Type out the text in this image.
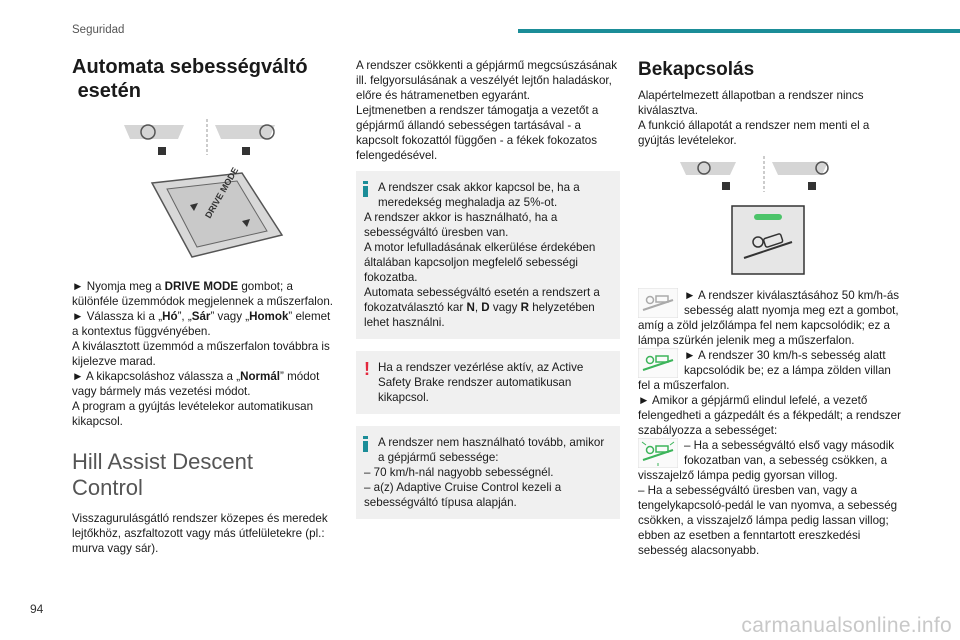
Seguridad
Automata sebességváltó
esetén
DRIVE MODE

► Nyomja meg a DRIVE MODE gombot; a különféle üzemmódok megjelennek a műszerfalon.

► Válassza ki a „Hó”, „Sár” vagy „Homok” elemet a kontextus függvényében.

A kiválasztott üzemmód a műszerfalon továbbra is kijelezve marad.

► A kikapcsoláshoz válassza a „Normál” módot vagy bármely más vezetési módot.

A program a gyújtás levételekor automatikusan kikapcsol.

Hill Assist Descent
Control

Visszagurulásgátló rendszer közepes és meredek lejtőkhöz, aszfaltozott vagy más útfelületekre (pl.: murva vagy sár).

A rendszer csökkenti a gépjármű megcsúszásának ill. felgyorsulásának a veszélyét lejtőn haladáskor, előre és hátramenetben egyaránt.

Lejtmenetben a rendszer támogatja a vezetőt a gépjármű állandó sebességen tartásával - a kapcsolt fokozattól függően - a fékek fokozatos felengedésével.

A rendszer csak akkor kapcsol be, ha a meredekség meghaladja az 5%-ot.

A rendszer akkor is használható, ha a sebességváltó üresben van.

A motor lefulladásának elkerülése érdekében általában kapcsoljon megfelelő sebességi fokozatba.

Automata sebességváltó esetén a rendszert a fokozatválasztó kar N, D vagy R helyzetében lehet használni.

! Ha a rendszer vezérlése aktív, az Active Safety Brake rendszer automatikusan kikapcsol.

A rendszer nem használható tovább, amikor a gépjármű sebessége:

– 70 km/h-nál nagyobb sebességnél.

– a(z) Adaptive Cruise Control kezeli a sebességváltó típusa alapján.

Bekapcsolás

Alapértelmezett állapotban a rendszer nincs kiválasztva.

A funkció állapotát a rendszer nem menti el a gyújtás levételekor.

► A rendszer kiválasztásához 50 km/h-ás sebesség alatt nyomja meg ezt a gombot, amíg a zöld jelzőlámpa fel nem kapcsolódik; ez a lámpa szürkén jelenik meg a műszerfalon.

► A rendszer 30 km/h-s sebesség alatt kapcsolódik be; ez a lámpa zölden villan fel a műszerfalon.

► Amikor a gépjármű elindul lefelé, a vezető felengedheti a gázpedált és a fékpedált; a rendszer szabályozza a sebességet:

– Ha a sebességváltó első vagy második fokozatban van, a sebesség csökken, a visszajelző lámpa pedig gyorsan villog.

– Ha a sebességváltó üresben van, vagy a tengelykapcsoló-pedál le van nyomva, a sebesség csökken, a visszajelző lámpa pedig lassan villog; ebben az esetben a fenntartott ereszkedési sebesség alacsonyabb.

94
carmanualsonline.info
